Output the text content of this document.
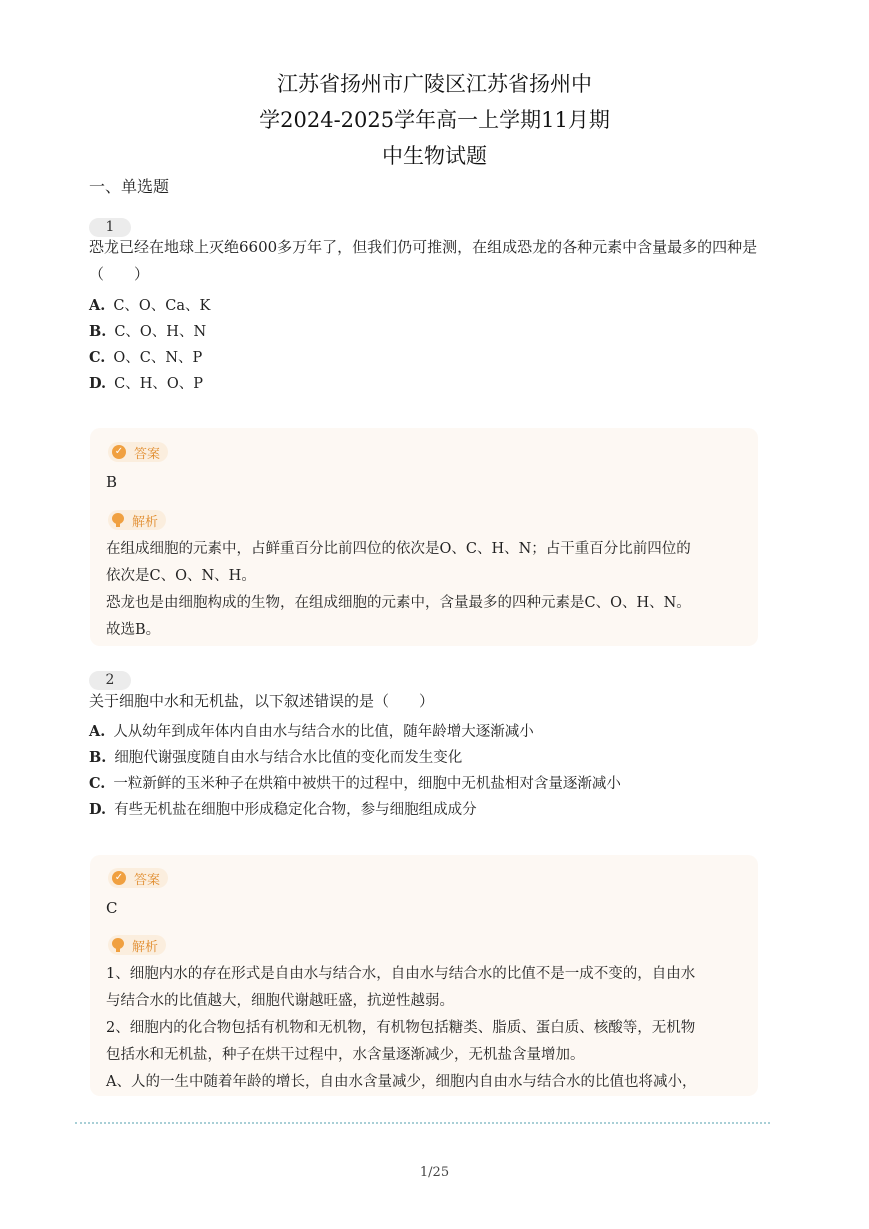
江苏省扬州市广陵区江苏省扬州中
学2024-2025学年高一上学期11月期
中生物试题
一、单选题
1
恐龙已经在地球上灭绝6600多万年了，但我们仍可推测，在组成恐龙的各种元素中含量最多的四种是（　　）
A. C、O、Ca、K
B. C、O、H、N
C. O、C、N、P
D. C、H、O、P
✓ 答案
B
解析
在组成细胞的元素中，占鲜重百分比前四位的依次是O、C、H、N；占干重百分比前四位的
依次是C、O、N、H。
恐龙也是由细胞构成的生物，在组成细胞的元素中，含量最多的四种元素是C、O、H、N。
故选B。
2
关于细胞中水和无机盐，以下叙述错误的是（　　）
A. 人从幼年到成年体内自由水与结合水的比值，随年龄增大逐渐减小
B. 细胞代谢强度随自由水与结合水比值的变化而发生变化
C. 一粒新鲜的玉米种子在烘箱中被烘干的过程中，细胞中无机盐相对含量逐渐减小
D. 有些无机盐在细胞中形成稳定化合物，参与细胞组成成分
✓ 答案
C
解析
1、细胞内水的存在形式是自由水与结合水，自由水与结合水的比值不是一成不变的，自由水
与结合水的比值越大，细胞代谢越旺盛，抗逆性越弱。
2、细胞内的化合物包括有机物和无机物，有机物包括糖类、脂质、蛋白质、核酸等，无机物
包括水和无机盐，种子在烘干过程中，水含量逐渐减少，无机盐含量增加。
A、人的一生中随着年龄的增长，自由水含量减少，细胞内自由水与结合水的比值也将减小，
1/25
